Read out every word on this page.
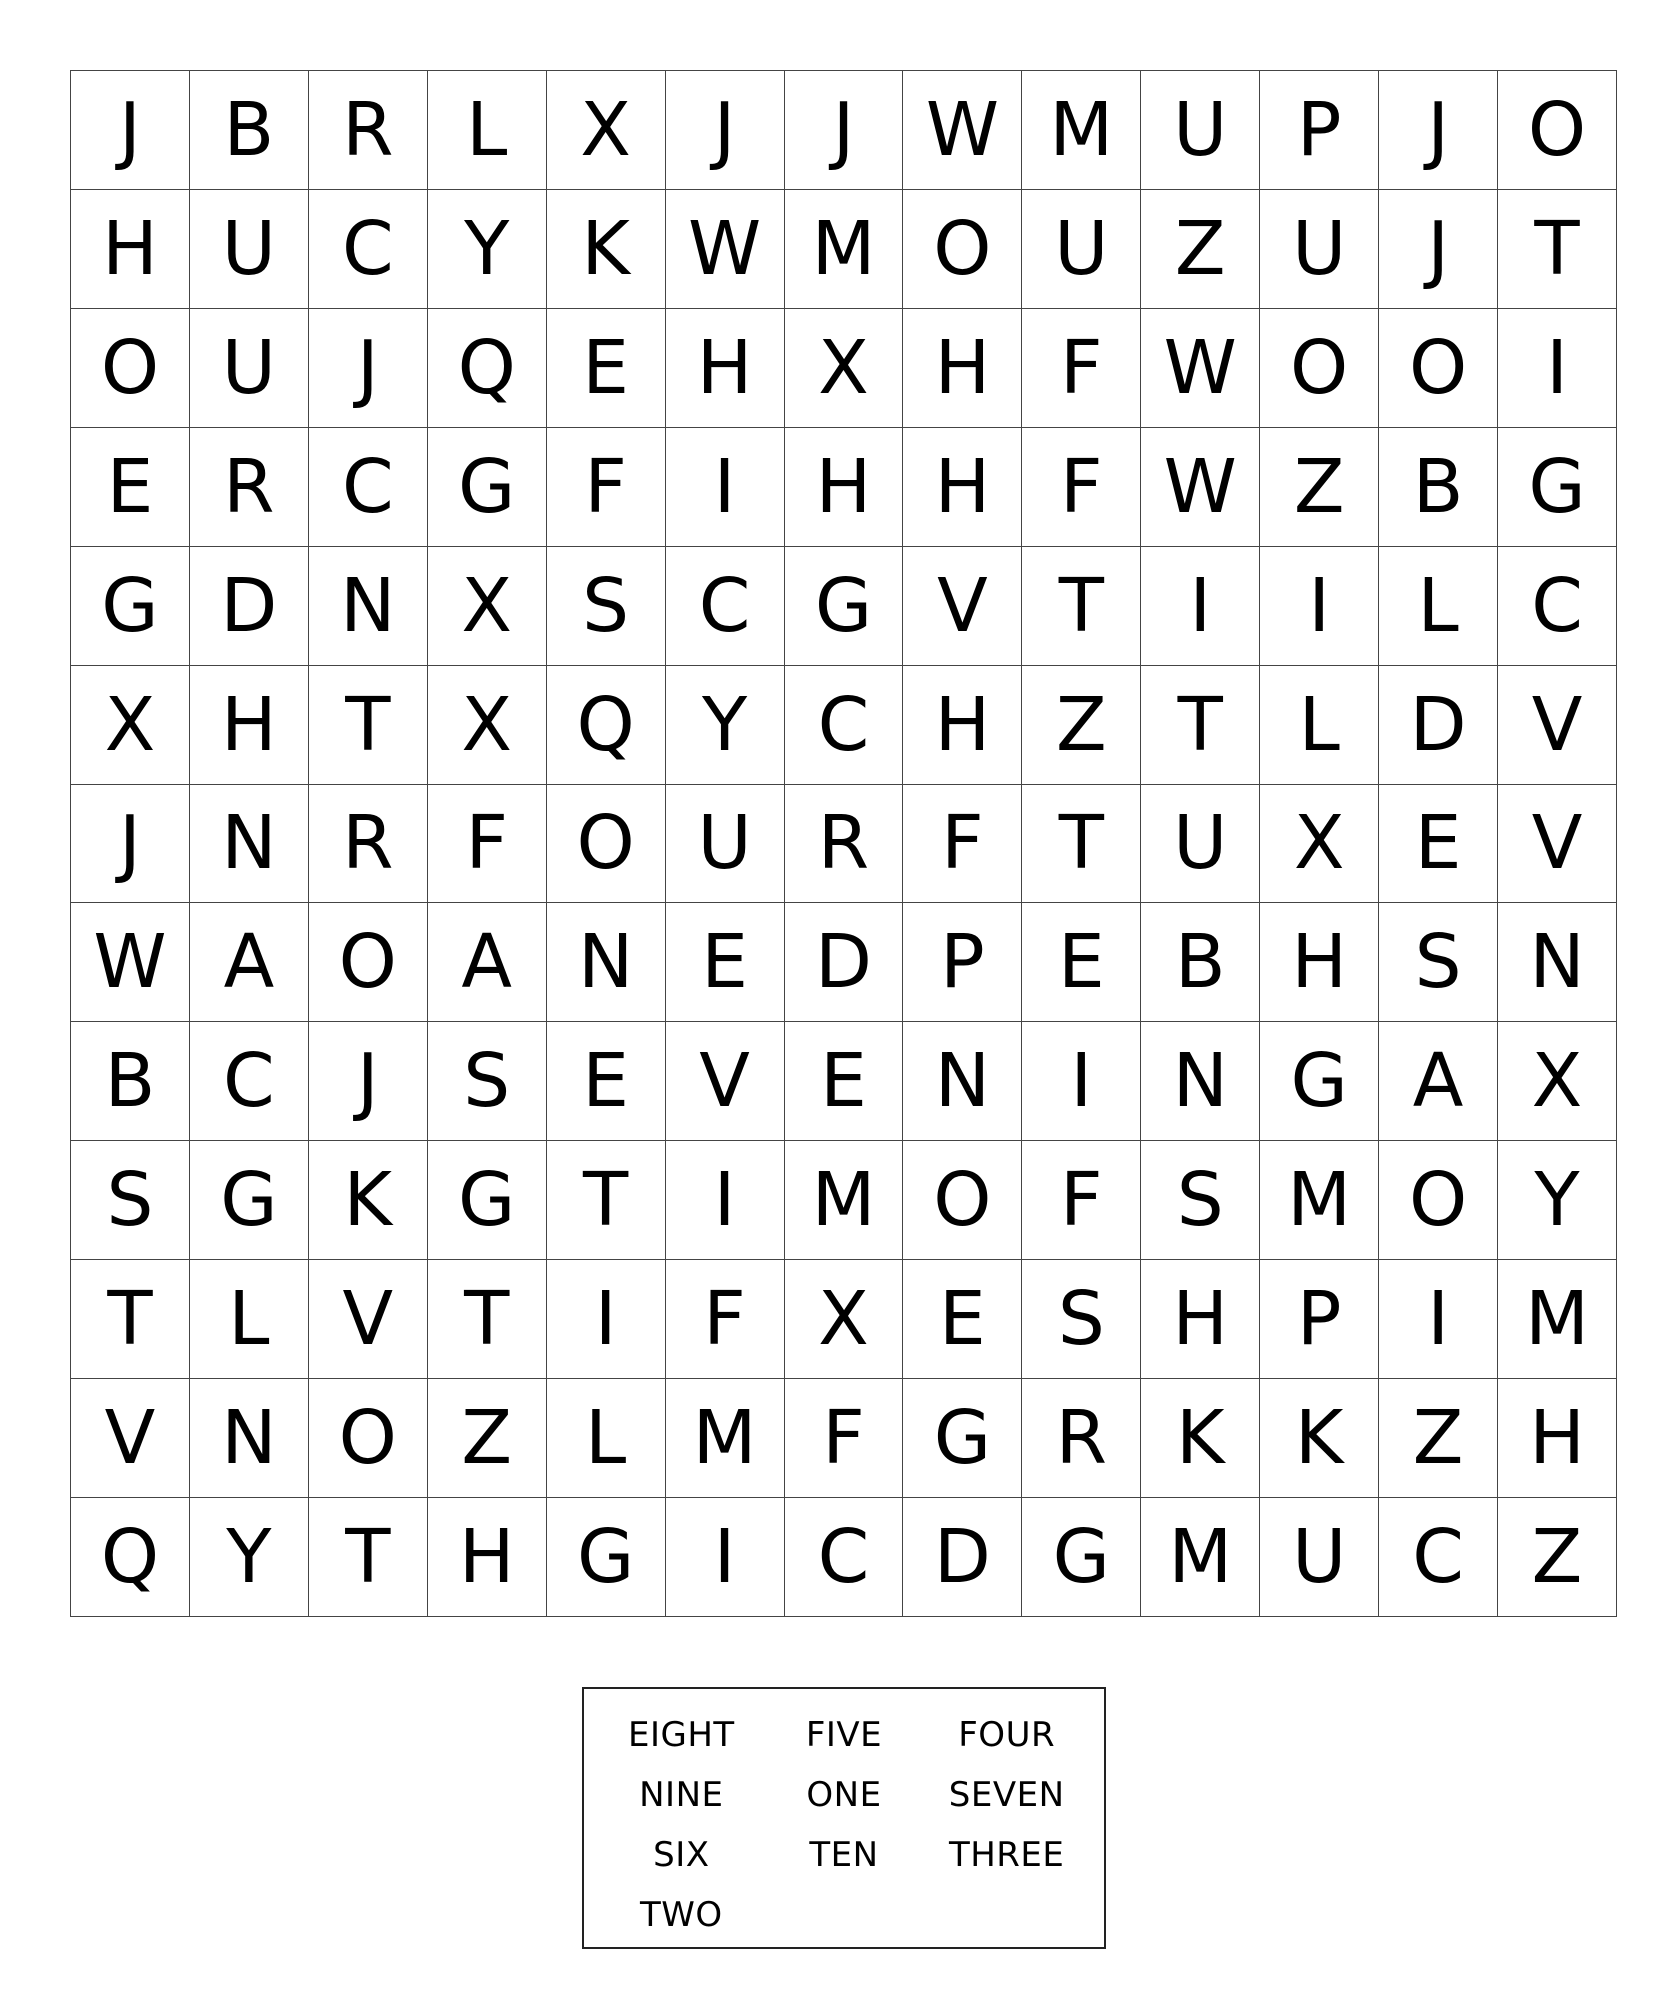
J	B R L X	J	J W M U P	J	O
H U C Y K W M O U Z U	J	T
O U	J	Q E H X H F W O O	I
E R C G F	I	H H F W Z B G
G D N X S C G V T	I	I	L C
X H T X Q Y C H Z T	L D V
J	N R F O U R F	T U X E V
W A O A N E D P E B H S N
B C	J	S E V E N	I	N G A X
S G K G T	I	M O F	S M O Y
T	L V T	I	F X E S H P	I	M
V N O Z L M F G R K K Z H
Q Y T H G	I	C D G M U C Z
EIGHT	FIVE	FOUR
NINE	ONE	SEVEN
SIX	TEN	THREE
TWO
